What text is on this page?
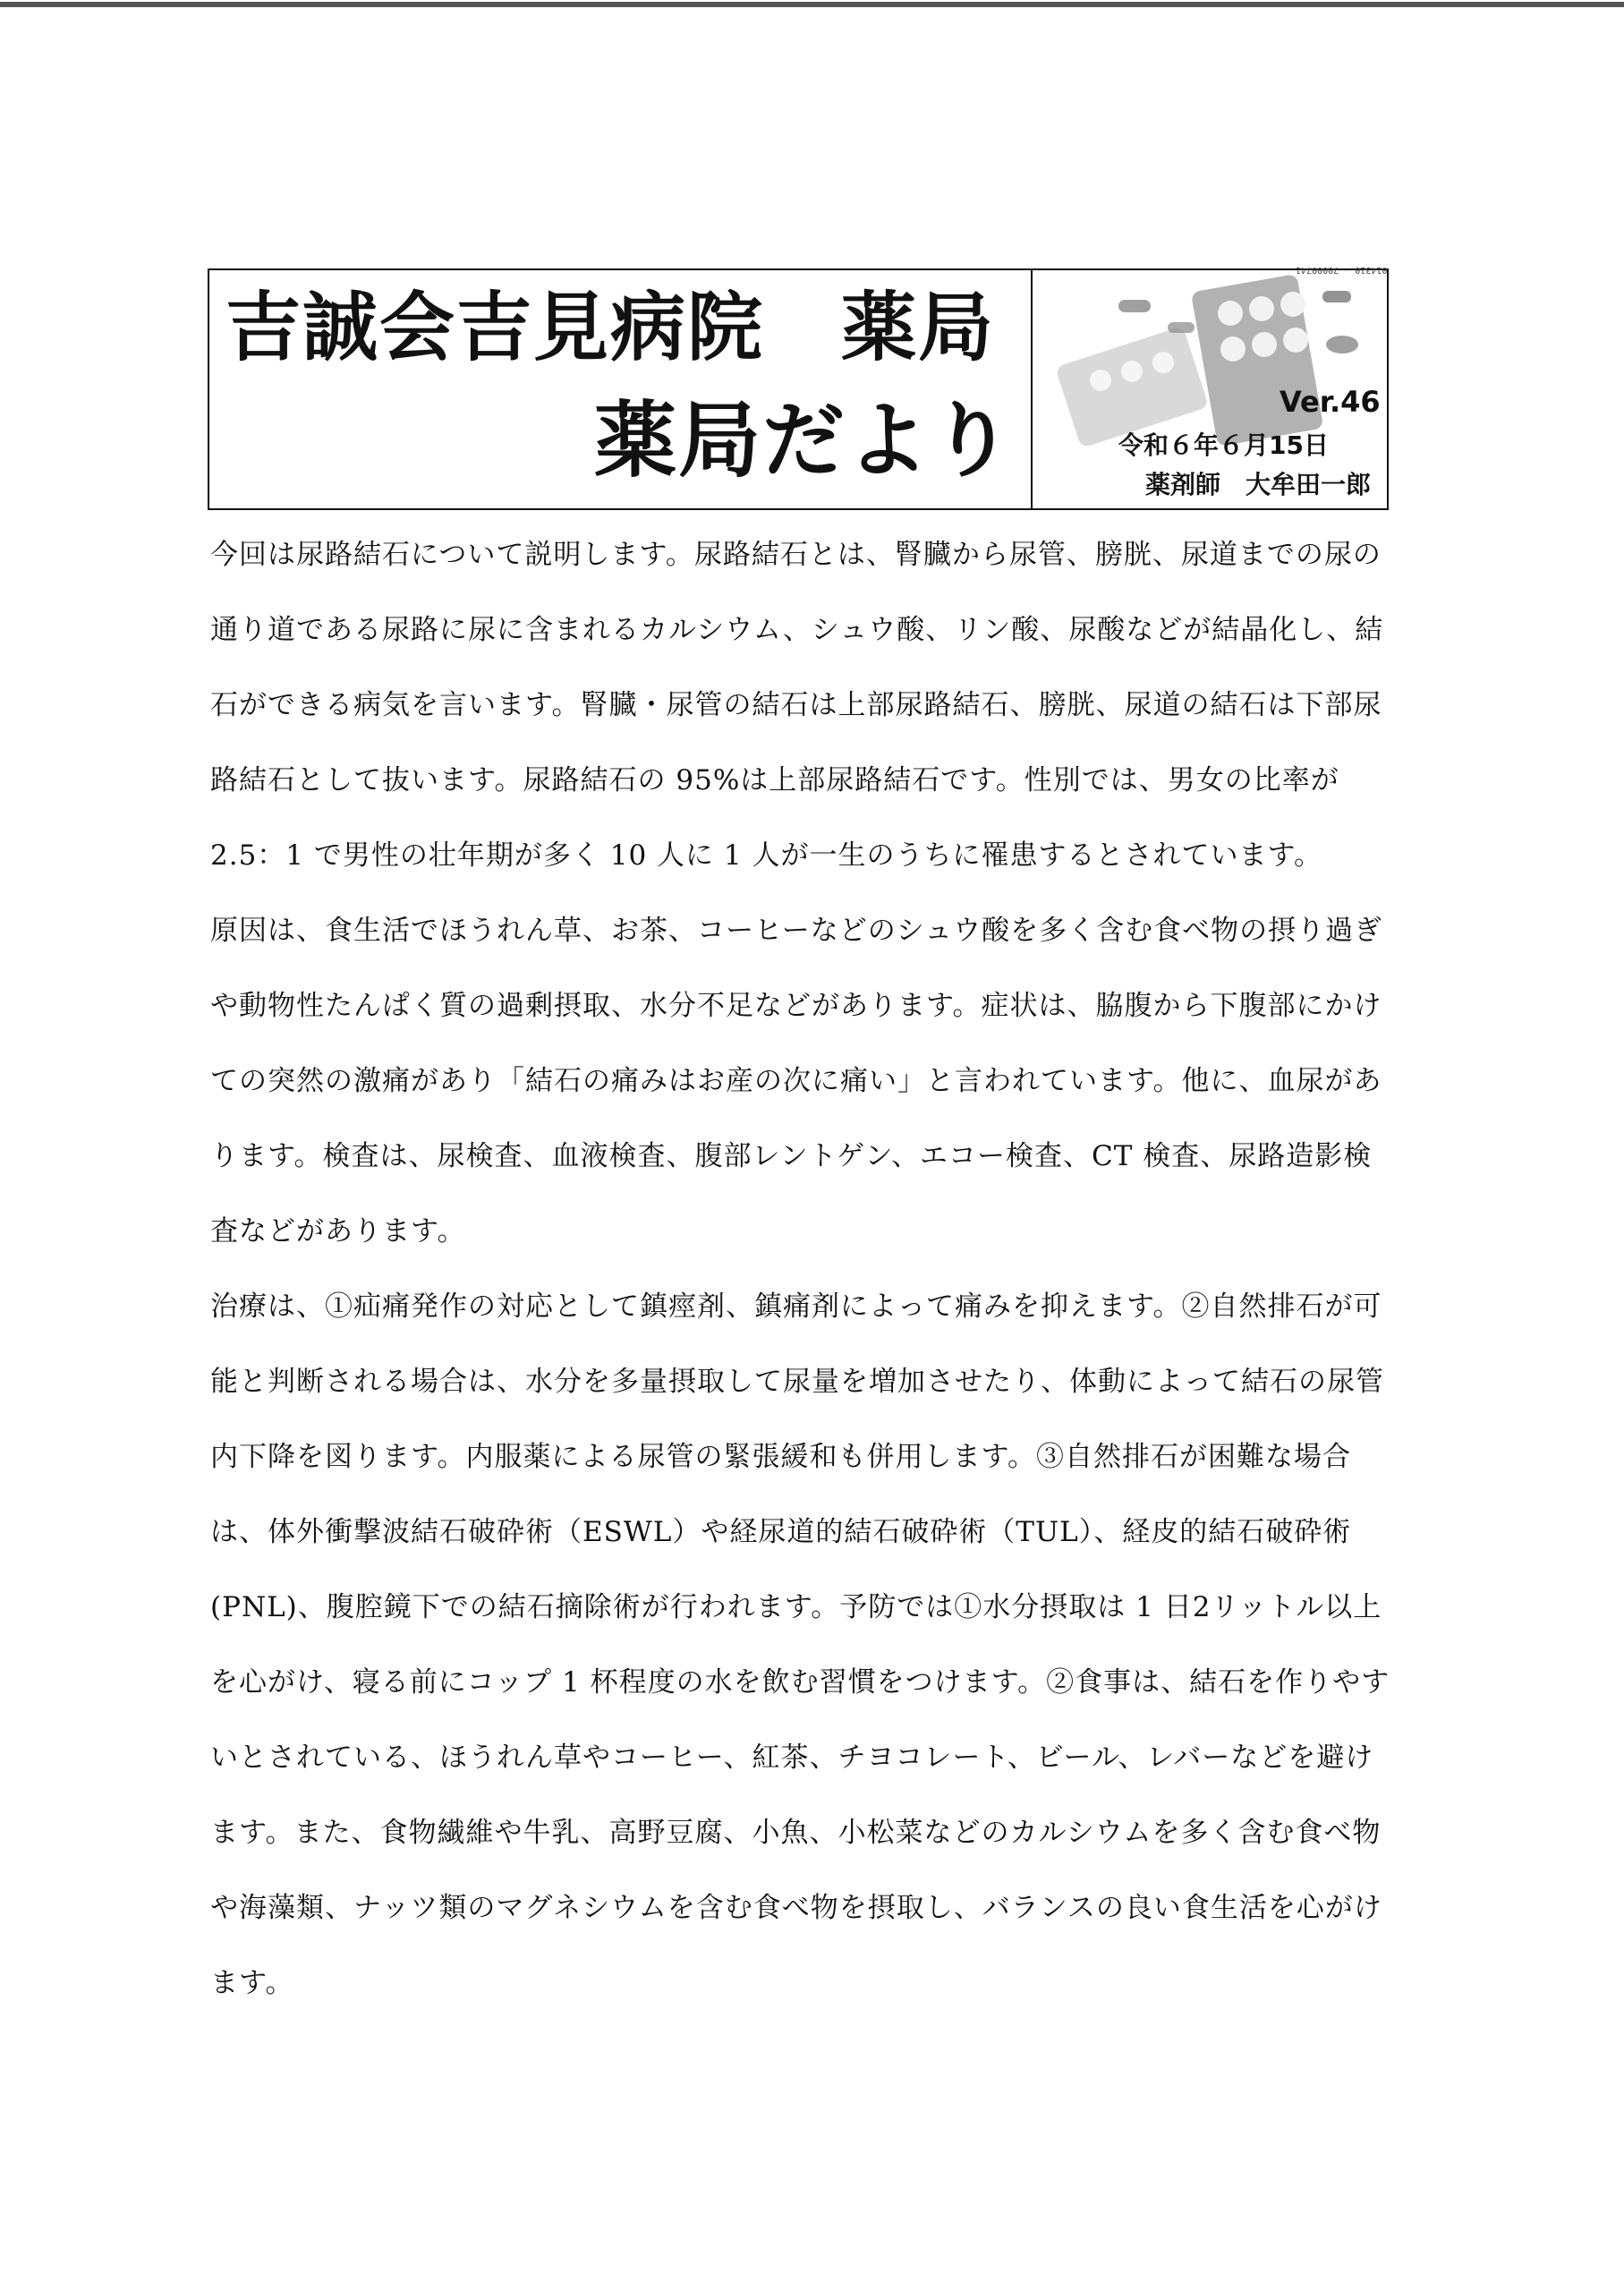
吉誠会吉見病院　薬局
薬局だより
014310 - 70000741
Ver.46
令和６年６月15日
薬剤師　大牟田一郎

今回は尿路結石について説明します。尿路結石とは、腎臓から尿管、膀胱、尿道までの尿の通り道である尿路に尿に含まれるカルシウム、シュウ酸、リン酸、尿酸などが結晶化し、結石ができる病気を言います。腎臓・尿管の結石は上部尿路結石、膀胱、尿道の結石は下部尿路結石として抜います。尿路結石の 95%は上部尿路結石です。性別では、男女の比率が 2.5：1 で男性の壮年期が多く 10 人に 1 人が一生のうちに罹患するとされています。

原因は、食生活でほうれん草、お茶、コーヒーなどのシュウ酸を多く含む食べ物の摂り過ぎや動物性たんぱく質の過剰摂取、水分不足などがあります。症状は、脇腹から下腹部にかけての突然の激痛があり「結石の痛みはお産の次に痛い」と言われています。他に、血尿があります。検査は、尿検査、血液検査、腹部レントゲン、エコー検査、CT 検査、尿路造影検査などがあります。

治療は、①疝痛発作の対応として鎮痙剤、鎮痛剤によって痛みを抑えます。②自然排石が可能と判断される場合は、水分を多量摂取して尿量を増加させたり、体動によって結石の尿管内下降を図ります。内服薬による尿管の緊張緩和も併用します。③自然排石が困難な場合は、体外衝撃波結石破砕術（ESWL）や経尿道的結石破砕術（TUL）、経皮的結石破砕術(PNL)、腹腔鏡下での結石摘除術が行われます。予防では①水分摂取は 1 日2リットル以上を心がけ、寝る前にコップ 1 杯程度の水を飲む習慣をつけます。②食事は、結石を作りやすいとされている、ほうれん草やコーヒー、紅茶、チヨコレート、ビール、レバーなどを避けます。また、食物繊維や牛乳、高野豆腐、小魚、小松菜などのカルシウムを多く含む食べ物や海藻類、ナッツ類のマグネシウムを含む食べ物を摂取し、バランスの良い食生活を心がけます。
